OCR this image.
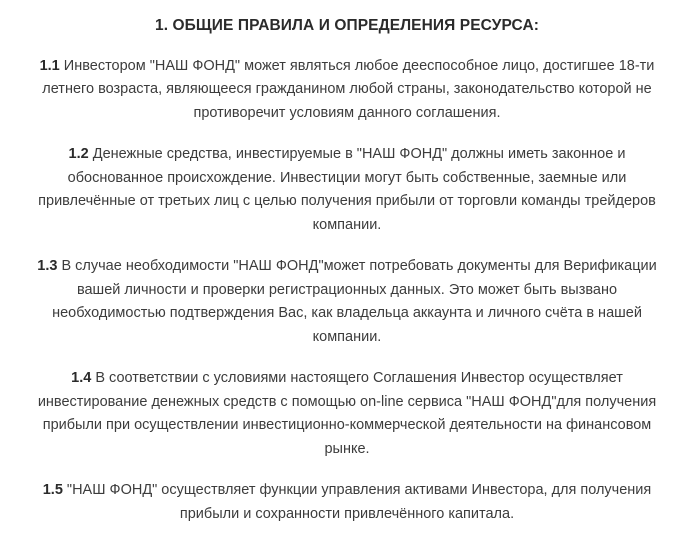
1. ОБЩИЕ ПРАВИЛА И ОПРЕДЕЛЕНИЯ РЕСУРСА:

1.1 Инвестором "НАШ ФОНД" может являться любое дееспособное лицо, достигшее 18-ти летнего возраста, являющееся гражданином любой страны, законодательство которой не противоречит условиям данного соглашения.

1.2 Денежные средства, инвестируемые в "НАШ ФОНД" должны иметь законное и обоснованное происхождение. Инвестиции могут быть собственные, заемные или привлечённые от третьих лиц с целью получения прибыли от торговли команды трейдеров компании.

1.3 В случае необходимости "НАШ ФОНД"может потребовать документы для Верификации вашей личности и проверки регистрационных данных. Это может быть вызвано необходимостью подтверждения Вас, как владельца аккаунта и личного счёта в нашей компании.

1.4 В соответствии с условиями настоящего Соглашения Инвестор осуществляет инвестирование денежных средств с помощью on-line сервиса "НАШ ФОНД"для получения прибыли при осуществлении инвестиционно-коммерческой деятельности на финансовом рынке.

1.5 "НАШ ФОНД" осуществляет функции управления активами Инвестора, для получения прибыли и сохранности привлечённого капитала.
